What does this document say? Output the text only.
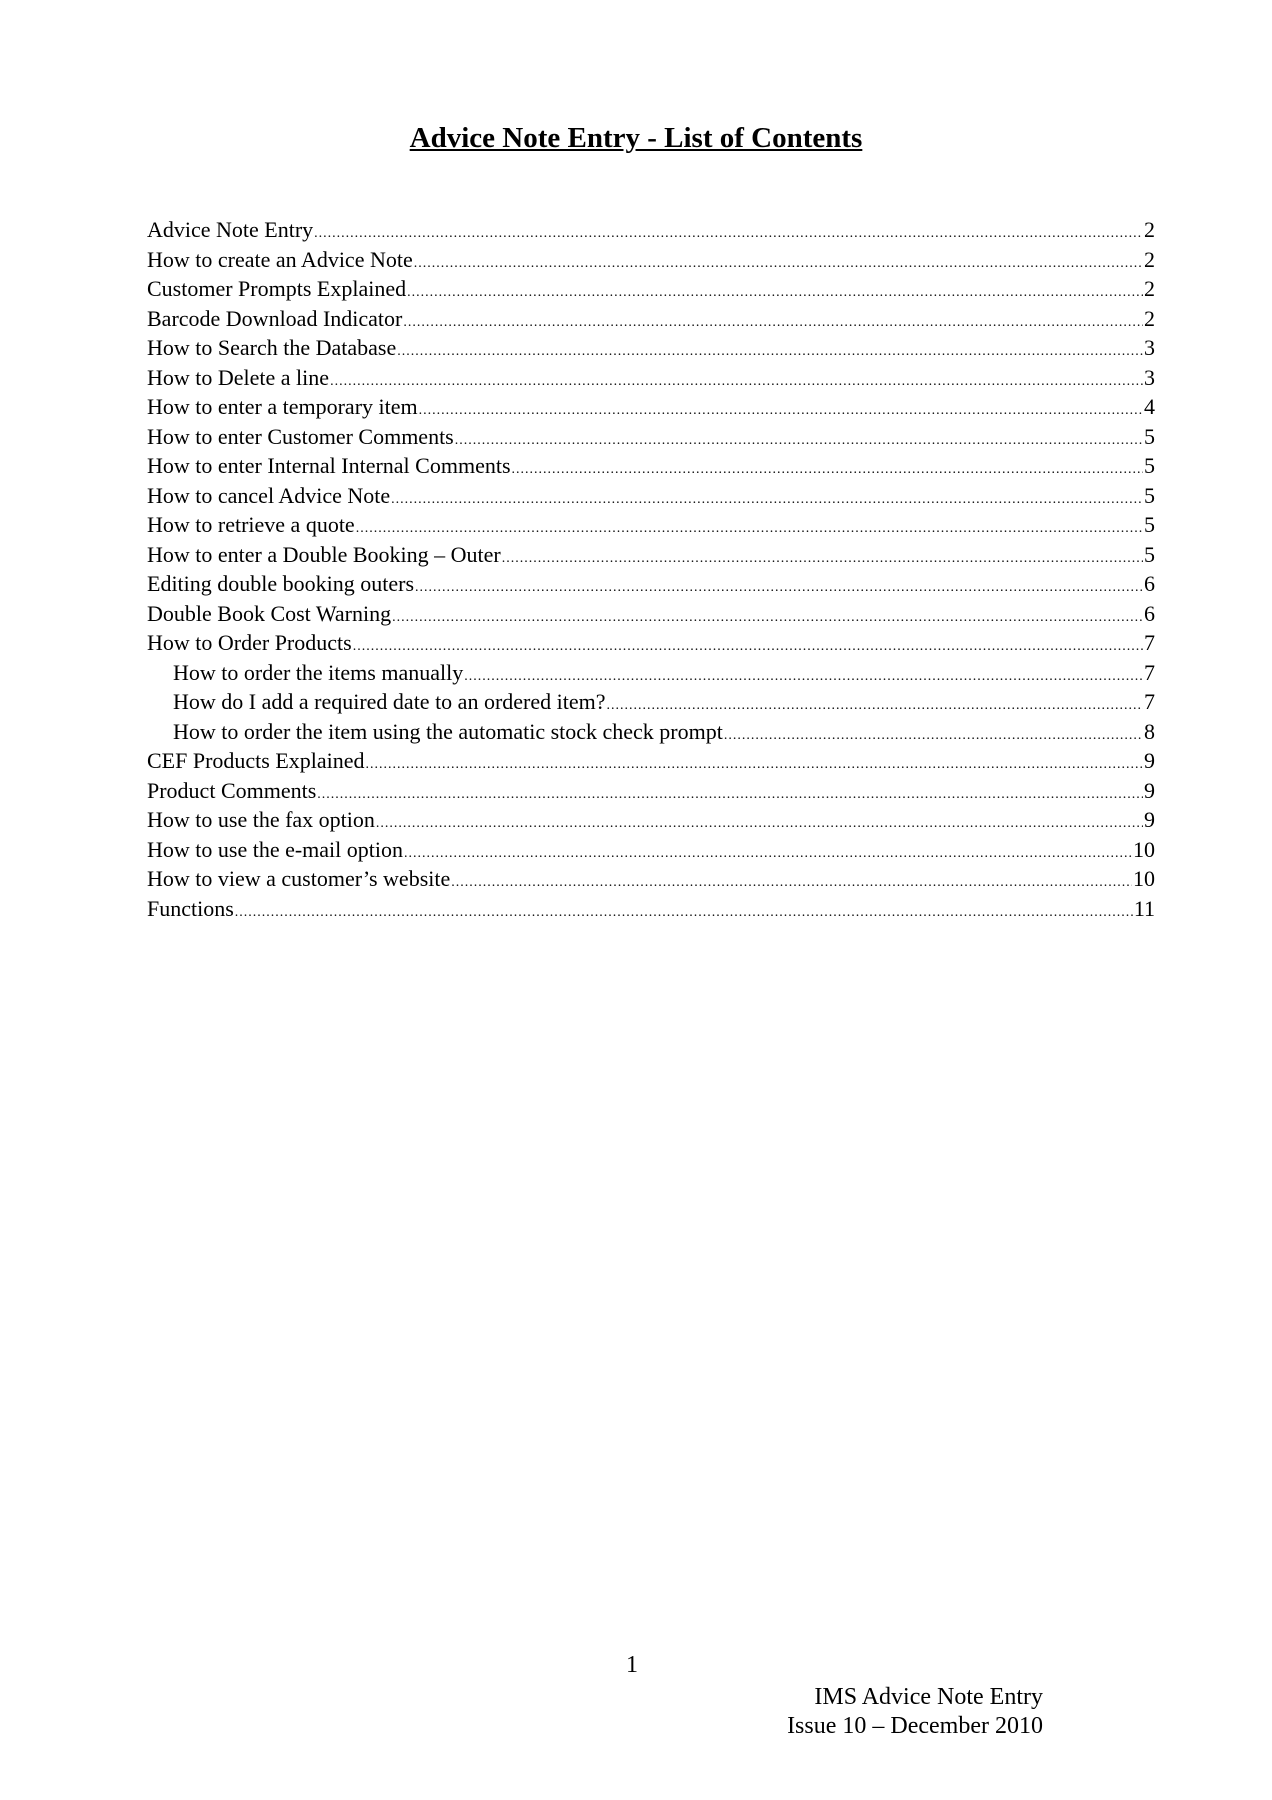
Advice Note Entry - List of Contents
Advice Note Entry .....	2
How to create an Advice Note .....	2
Customer Prompts Explained .....	2
Barcode Download Indicator .....	2
How to Search the Database .....	3
How to Delete a line .....	3
How to enter a temporary item .....	4
How to enter Customer Comments .....	5
How to enter Internal Internal Comments .....	5
How to cancel Advice Note .....	5
How to retrieve a quote .....	5
How to enter a Double Booking – Outer .....	5
Editing double booking outers .....	6
Double Book Cost Warning .....	6
How to Order Products .....	7
How to order the items manually .....	7
How do I add a required date to an ordered item? .....	7
How to order the item using the automatic stock check prompt .....	8
CEF Products Explained .....	9
Product Comments .....	9
How to use the fax option .....	9
How to use the e-mail option .....	10
How to view a customer’s website .....	10
Functions .....	11
1
IMS Advice Note Entry
Issue 10 – December 2010
